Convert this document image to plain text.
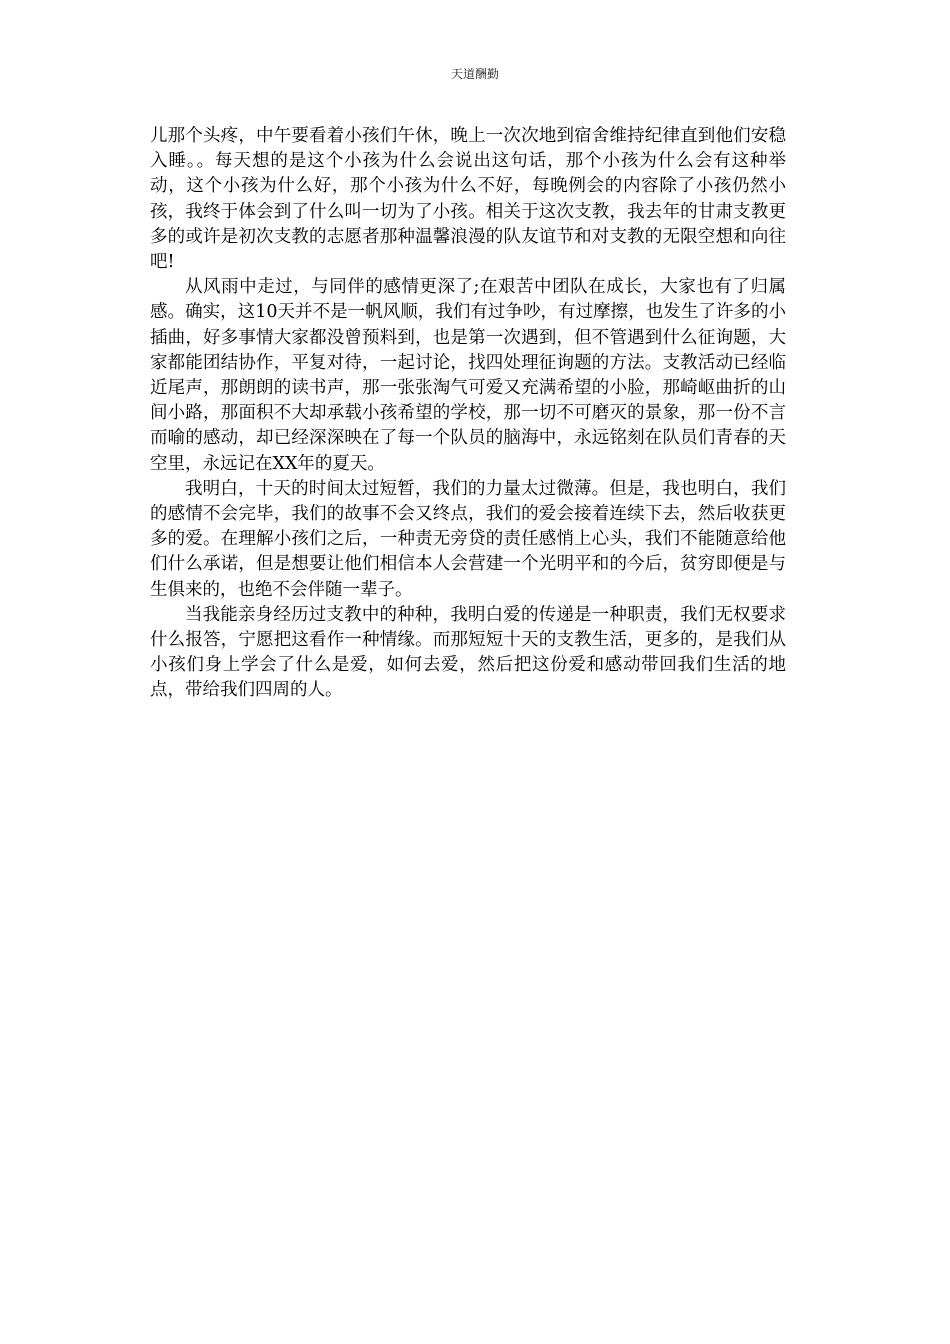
天道酬勤

儿那个头疼，中午要看着小孩们午休，晚上一次次地到宿舍维持纪律直到他们安稳入睡。。每天想的是这个小孩为什么会说出这句话，那个小孩为什么会有这种举动，这个小孩为什么好，那个小孩为什么不好，每晚例会的内容除了小孩仍然小孩，我终于体会到了什么叫一切为了小孩。相关于这次支教，我去年的甘肃支教更多的或许是初次支教的志愿者那种温馨浪漫的队友谊节和对支教的无限空想和向往吧!

从风雨中走过，与同伴的感情更深了;在艰苦中团队在成长，大家也有了归属感。确实，这10天并不是一帆风顺，我们有过争吵，有过摩擦，也发生了许多的小插曲，好多事情大家都没曾预料到，也是第一次遇到，但不管遇到什么征询题，大家都能团结协作，平复对待，一起讨论，找四处理征询题的方法。支教活动已经临近尾声，那朗朗的读书声，那一张张淘气可爱又充满希望的小脸，那崎岖曲折的山间小路，那面积不大却承载小孩希望的学校，那一切不可磨灭的景象，那一份不言而喻的感动，却已经深深映在了每一个队员的脑海中，永远铭刻在队员们青春的天空里，永远记在XX年的夏天。

我明白，十天的时间太过短暂，我们的力量太过微薄。但是，我也明白，我们的感情不会完毕，我们的故事不会又终点，我们的爱会接着连续下去，然后收获更多的爱。在理解小孩们之后，一种责无旁贷的责任感悄上心头，我们不能随意给他们什么承诺，但是想要让他们相信本人会营建一个光明平和的今后，贫穷即便是与生俱来的，也绝不会伴随一辈子。

当我能亲身经历过支教中的种种，我明白爱的传递是一种职责，我们无权要求什么报答，宁愿把这看作一种情缘。而那短短十天的支教生活，更多的，是我们从小孩们身上学会了什么是爱，如何去爱，然后把这份爱和感动带回我们生活的地点，带给我们四周的人。
